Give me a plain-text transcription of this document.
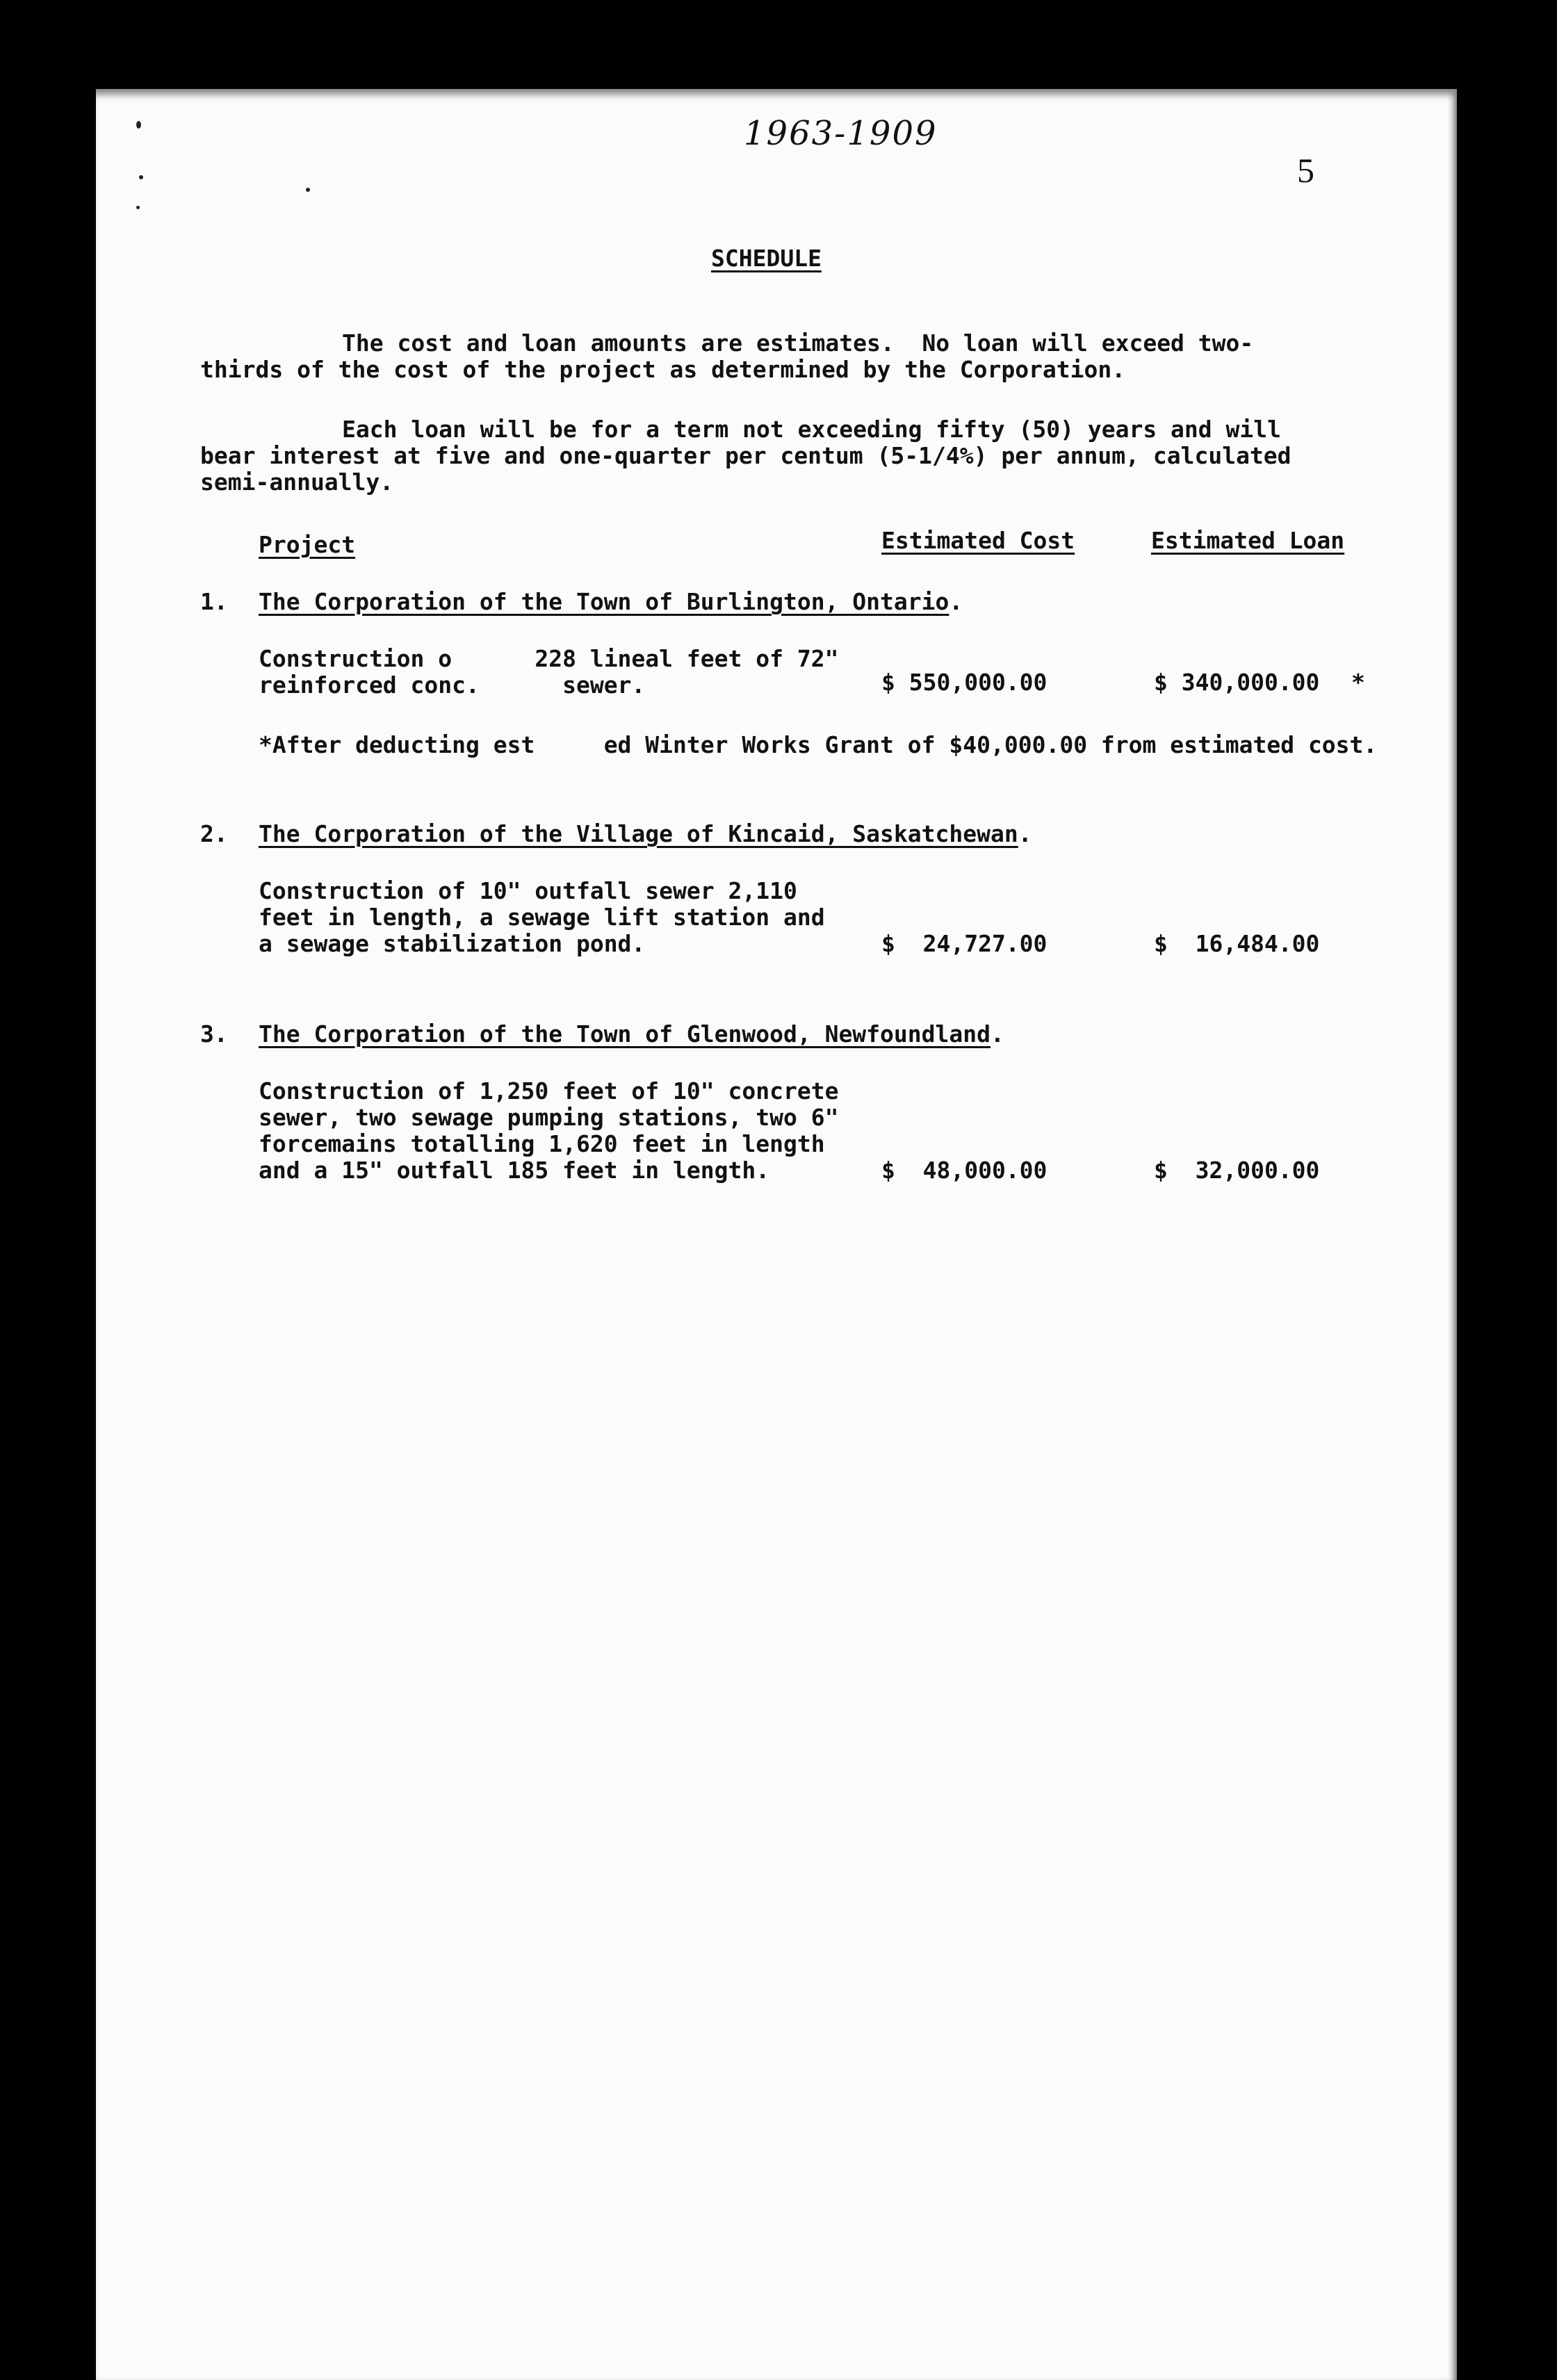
1963-1909
5
SCHEDULE
The cost and loan amounts are estimates.  No loan will exceed two-
thirds of the cost of the project as determined by the Corporation.
Each loan will be for a term not exceeding fifty (50) years and will
bear interest at five and one-quarter per centum (5-1/4%) per annum, calculated
semi-annually.
Project	Estimated Cost	Estimated Loan
1. The Corporation of the Town of Burlington, Ontario.
Construction o      228 lineal feet of 72"
reinforced conc.      sewer.	$ 550,000.00	$ 340,000.00 *
*After deducting est     ed Winter Works Grant of $40,000.00 from estimated cost.
2. The Corporation of the Village of Kincaid, Saskatchewan.
Construction of 10" outfall sewer 2,110
feet in length, a sewage lift station and
a sewage stabilization pond.	$  24,727.00	$  16,484.00
3. The Corporation of the Town of Glenwood, Newfoundland.
Construction of 1,250 feet of 10" concrete
sewer, two sewage pumping stations, two 6"
forcemains totalling 1,620 feet in length
and a 15" outfall 185 feet in length.	$  48,000.00	$  32,000.00
